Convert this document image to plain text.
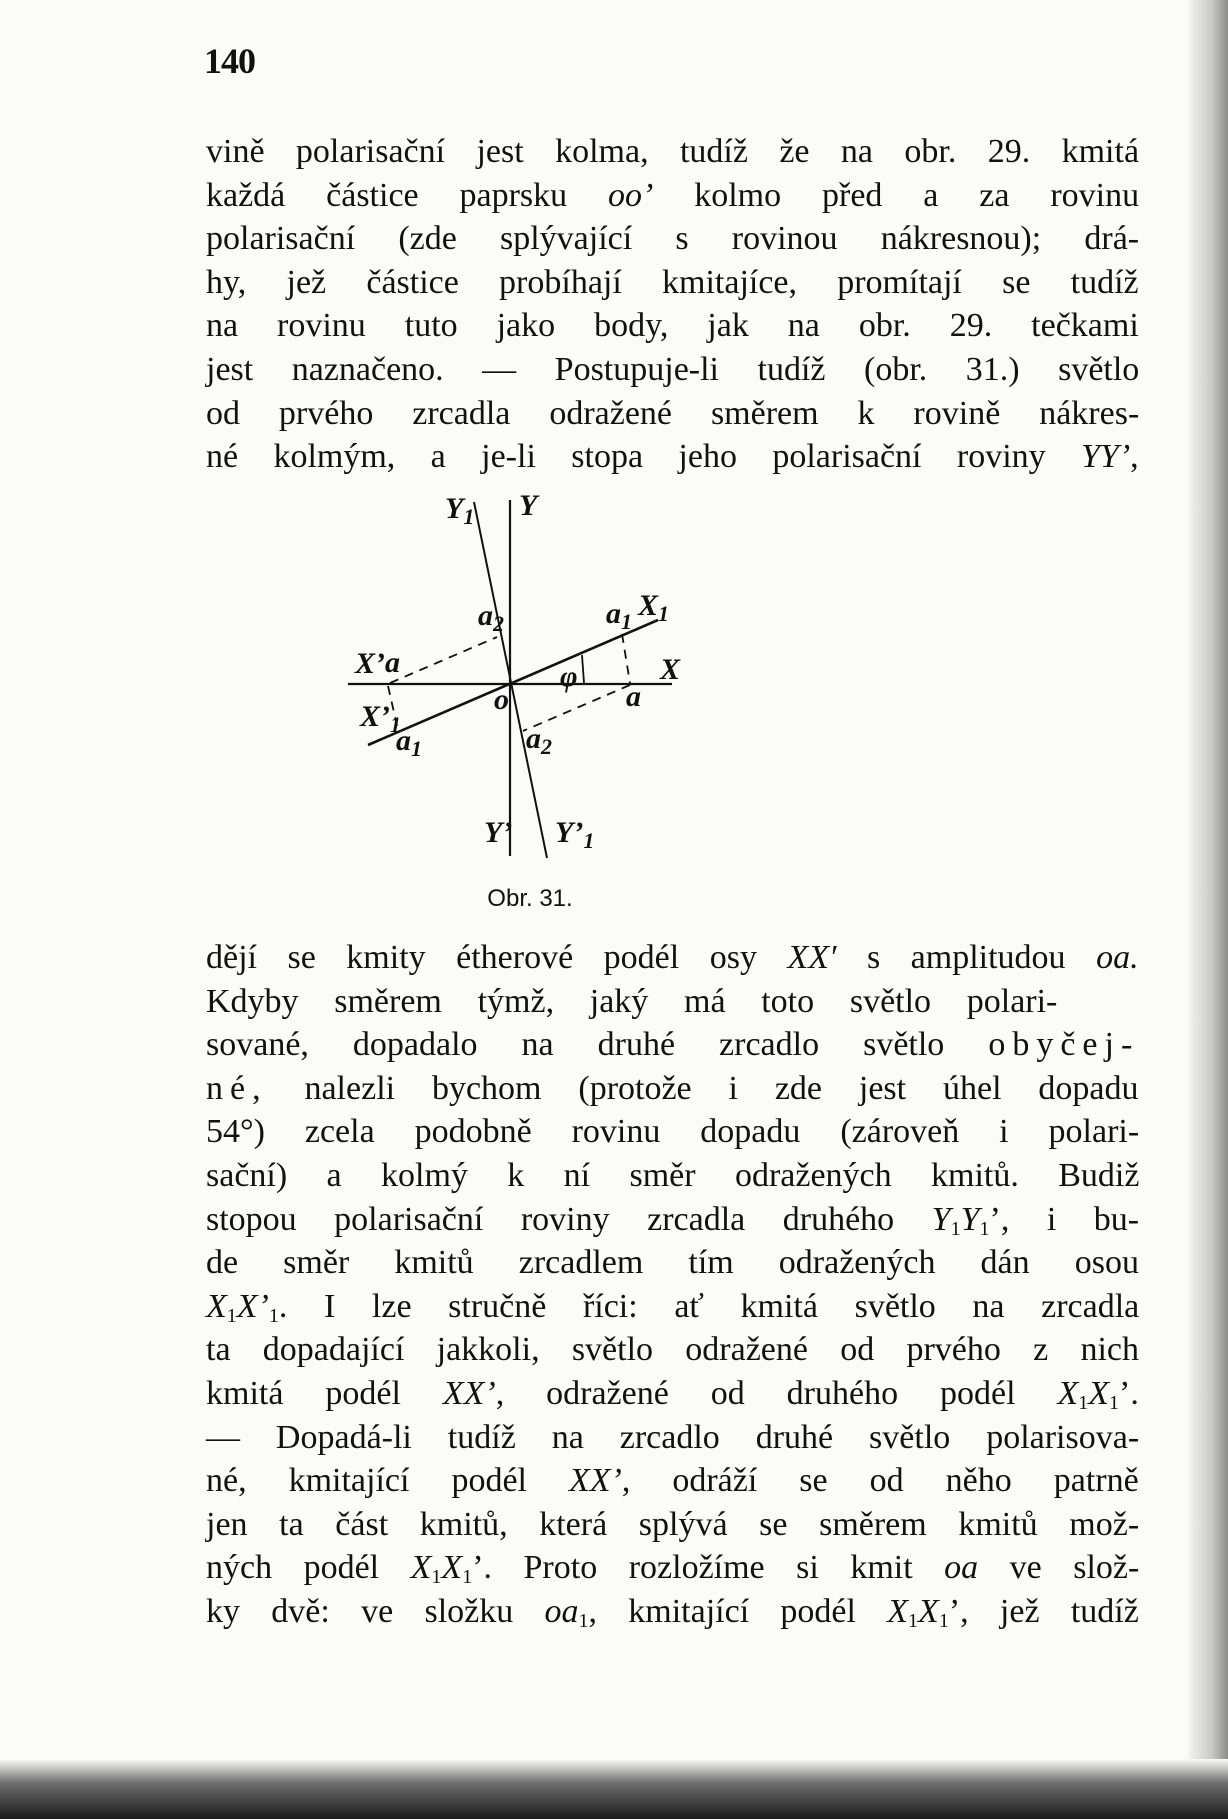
140
vině polarisační jest kolma, tudíž že na obr. 29. kmitá
každá částice paprsku oo’ kolmo před a za rovinu
polarisační (zde splývající s rovinou nákresnou); drá-
hy, jež částice probíhají kmitajíce, promítají se tudíž
na rovinu tuto jako body, jak na obr. 29. tečkami
jest naznačeno. — Postupuje-li tudíž (obr. 31.) světlo
od prvého zrcadla odražené směrem k rovině nákres-
né kolmým, a je-li stopa jeho polarisační roviny YY’,
$Y_1$ Y
X’ a
$X’_1$
$a_1$
o
$a_2$	$a_1$ $X_1$
X
a
$a_2$
φ
Y’ $Y’_1$
Obr. 31.
dějí se kmity étherové podél osy XX′ s amplitudou oa.
Kdyby směrem týmž, jaký má toto světlo polari-
sované, dopadalo na druhé zrcadlo světlo obyčej-
né, nalezli bychom (protože i zde jest úhel dopadu
54°) zcela podobně rovinu dopadu (zároveň i polari-
sační) a kolmý k ní směr odražených kmitů. Budiž
stopou polarisační roviny zrcadla druhého $Y_1Y_1$’, i bu-
de směr kmitů zrcadlem tím odražených dán osou
$X_1X’_1$. I lze stručně říci: ať kmitá světlo na zrcadla
ta dopadající jakkoli, světlo odražené od prvého z nich
kmitá podél XX’, odražené od druhého podél $X_1X_1$’.
— Dopadá-li tudíž na zrcadlo druhé světlo polarisova-
né, kmitající podél XX’, odráží se od něho patrně
jen ta část kmitů, která splývá se směrem kmitů mož-
ných podél $X_1X_1$’. Proto rozložíme si kmit oa ve slož-
ky dvě: ve složku $oa_1$, kmitající podél $X_1X_1$’, jež tudíž
